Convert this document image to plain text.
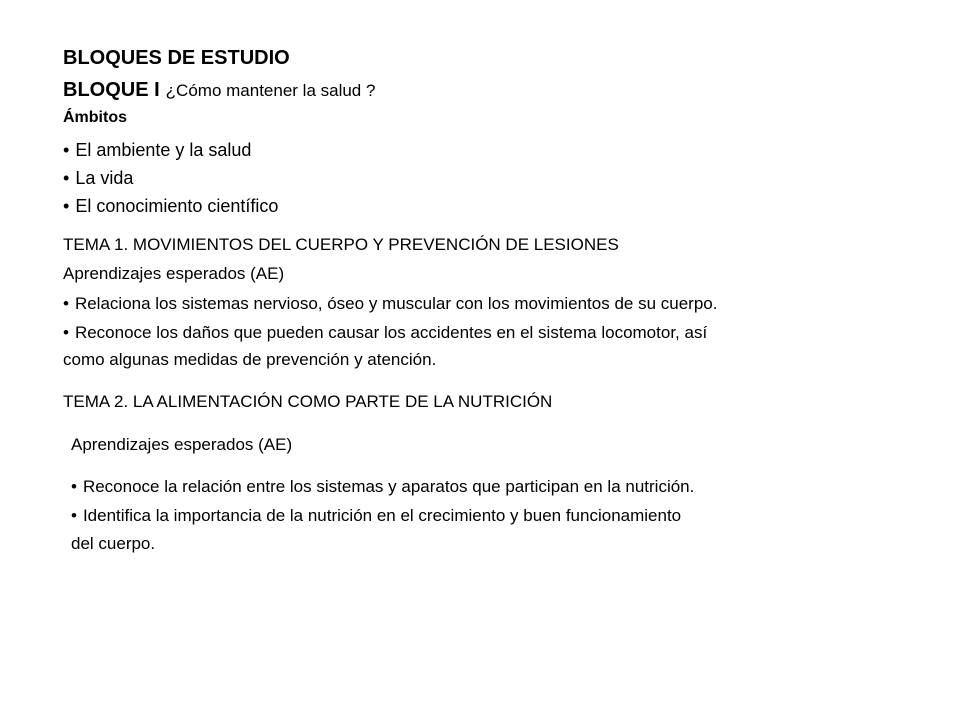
BLOQUES DE ESTUDIO
BLOQUE I ¿Cómo mantener la salud ?
Ámbitos
• El ambiente y la salud
• La vida
• El conocimiento científico
TEMA 1. MOVIMIENTOS DEL CUERPO Y PREVENCIÓN DE LESIONES
Aprendizajes esperados (AE)
• Relaciona los sistemas nervioso, óseo y muscular con los movimientos de su cuerpo.
• Reconoce los daños que pueden causar los accidentes en el sistema locomotor, así
como algunas medidas de prevención y atención.
TEMA 2. LA ALIMENTACIÓN COMO PARTE DE LA NUTRICIÓN
Aprendizajes esperados (AE)
• Reconoce la relación entre los sistemas y aparatos que participan en la nutrición.
• Identifica la importancia de la nutrición en el crecimiento y buen funcionamiento
del cuerpo.
